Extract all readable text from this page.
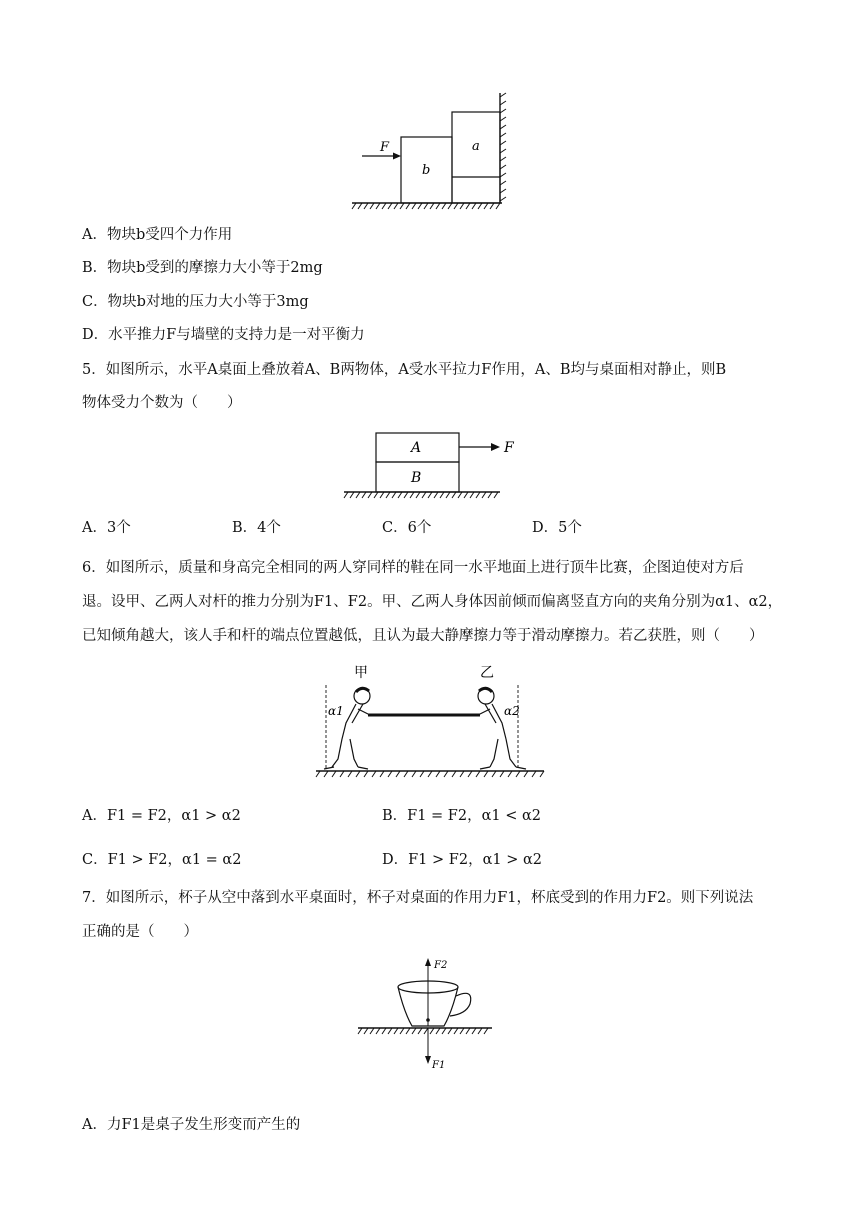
F
b
a
A．物块b受四个力作用
B．物块b受到的摩擦力大小等于2mg
C．物块b对地的压力大小等于3mg
D．水平推力F与墙壁的支持力是一对平衡力
5．如图所示，水平A桌面上叠放着A、B两物体，A受水平拉力F作用，A、B均与桌面相对静止，则B
物体受力个数为（　　）
A
B
F
A．3个	B．4个	C．6个	D．5个
6．如图所示，质量和身高完全相同的两人穿同样的鞋在同一水平地面上进行顶牛比赛，企图迫使对方后
退。设甲、乙两人对杆的推力分别为F1、F2。甲、乙两人身体因前倾而偏离竖直方向的夹角分别为α1、α2，
已知倾角越大，该人手和杆的端点位置越低，且认为最大静摩擦力等于滑动摩擦力。若乙获胜，则（　　）
甲	乙
α1	α2
A．F1 = F2，α1 > α2	B．F1 = F2，α1 < α2
C．F1 > F2，α1 = α2	D．F1 > F2，α1 > α2
7．如图所示，杯子从空中落到水平桌面时，杯子对桌面的作用力F1，杯底受到的作用力F2。则下列说法
正确的是（　　）
F2
F1
A．力F1是桌子发生形变而产生的
